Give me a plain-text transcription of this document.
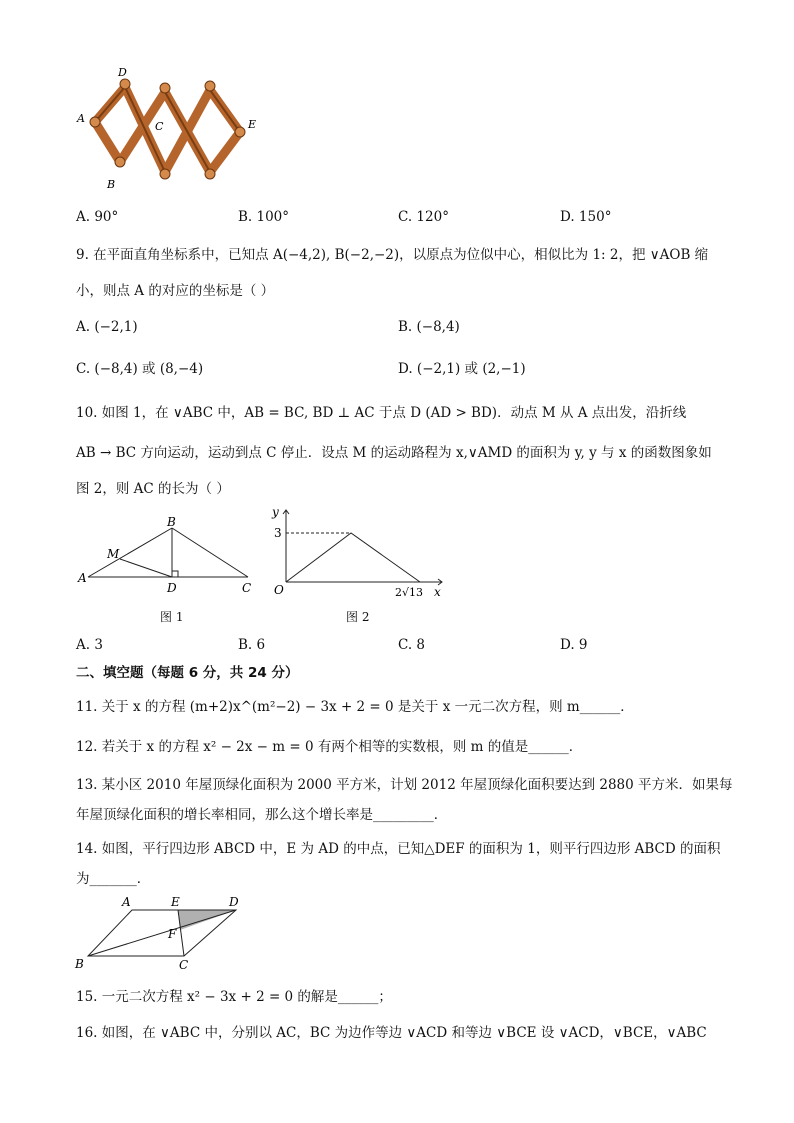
D
A
C	E
B
A. 90°	B. 100°	C. 120°	D. 150°
9. 在平面直角坐标系中，已知点 A(−4,2), B(−2,−2)，以原点为位似中心，相似比为 1: 2，把 ∨AOB 缩
小，则点 A 的对应的坐标是（ ）
A. (−2,1)	B. (−8,4)
C. (−8,4) 或 (8,−4)	D. (−2,1) 或 (2,−1)
10. 如图 1，在 ∨ABC 中，AB = BC, BD ⊥ AC 于点 D (AD > BD)．动点 M 从 A 点出发，沿折线
AB → BC 方向运动，运动到点 C 停止．设点 M 的运动路程为 x,∨AMD 的面积为 y, y 与 x 的函数图象如
图 2，则 AC 的长为（ ）
B
M
A
D	C
图 1
y
3
O	x
2√13
图 2
A. 3	B. 6	C. 8	D. 9
二、填空题（每题 6 分，共 24 分）
11. 关于 x 的方程 (m+2)x^(m²−2) − 3x + 2 = 0 是关于 x 一元二次方程，则 m______．
12. 若关于 x 的方程 x² − 2x − m = 0 有两个相等的实数根，则 m 的值是______．
13. 某小区 2010 年屋顶绿化面积为 2000 平方米，计划 2012 年屋顶绿化面积要达到 2880 平方米．如果每
年屋顶绿化面积的增长率相同，那么这个增长率是_________．
14. 如图，平行四边形 ABCD 中，E 为 AD 的中点，已知△DEF 的面积为 1，则平行四边形 ABCD 的面积
为_______．
A	E	D
F
B	C
15. 一元二次方程 x² − 3x + 2 = 0 的解是______；
16. 如图，在 ∨ABC 中，分别以 AC，BC 为边作等边 ∨ACD 和等边 ∨BCE 设 ∨ACD，∨BCE，∨ABC
